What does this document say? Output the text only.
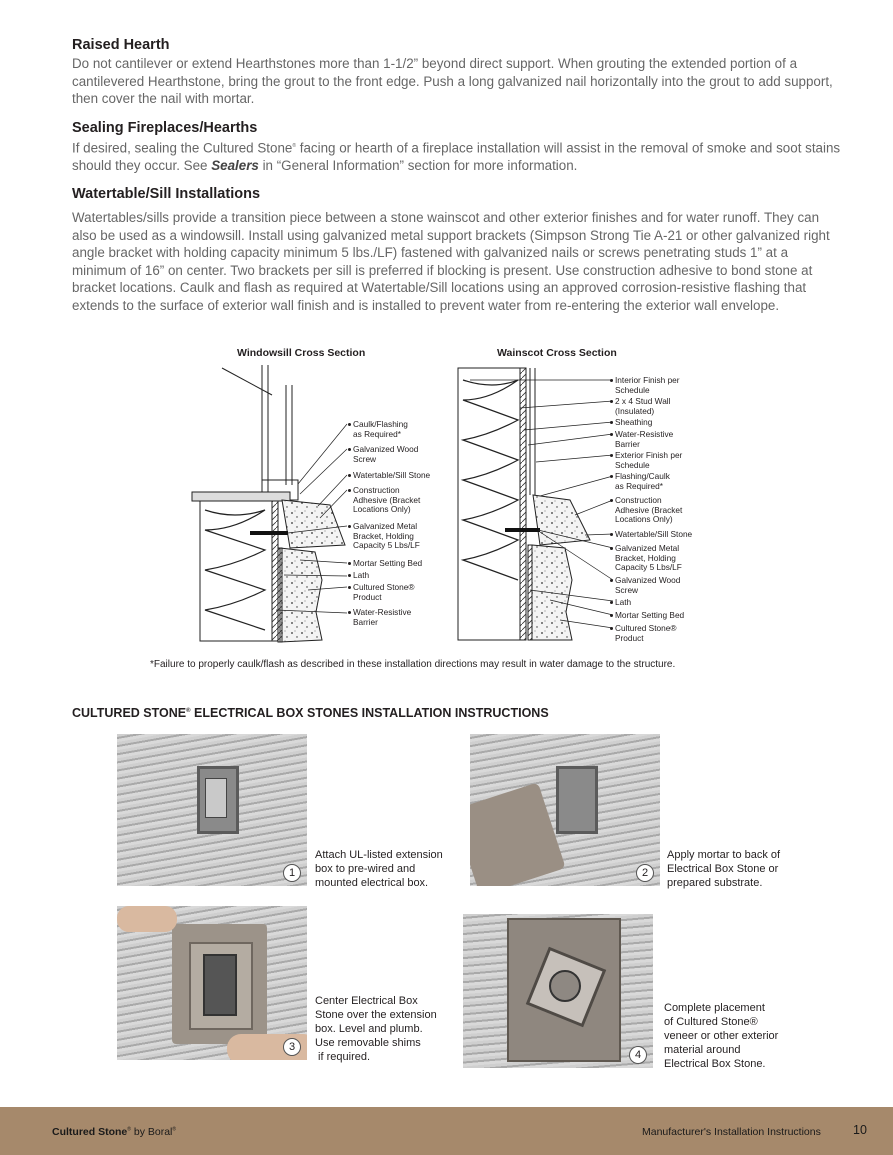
Raised Hearth

Do not cantilever or extend Hearthstones more than 1-1/2” beyond direct support. When grouting the extended portion of a cantilevered Hearthstone, bring the grout to the front edge. Push a long galvanized nail horizontally into the grout to add support, then cover the nail with mortar.

Sealing Fireplaces/Hearths

If desired, sealing the Cultured Stone® facing or hearth of a fireplace installation will assist in the removal of smoke and soot stains should they occur. See Sealers in “General Information” section for more information.

Watertable/Sill Installations

Watertables/sills provide a transition piece between a stone wainscot and other exterior finishes and for water runoff. They can also be used as a windowsill. Install using galvanized metal support brackets (Simpson Strong Tie A-21 or other galvanized right angle bracket with holding capacity minimum 5 lbs./LF) fastened with galvanized nails or screws penetrating studs 1” at a minimum of 16” on center. Two brackets per sill is preferred if blocking is present. Use construction adhesive to bond stone at bracket locations. Caulk and flash as required at Watertable/Sill locations using an approved corrosion-resistive flashing that extends to the surface of exterior wall finish and is installed to prevent water from re-entering the exterior wall envelope.

Windowsill Cross Section	Wainscot Cross Section
Caulk/Flashing
as Required*
Galvanized Wood
Screw
Watertable/Sill Stone
Construction
Adhesive (Bracket
Locations Only)
Galvanized Metal
Bracket, Holding
Capacity 5 Lbs/LF
Mortar Setting Bed
Lath
Cultured Stone®
Product
Water-Resistive
Barrier
Interior Finish per
Schedule
2 x 4 Stud Wall
(Insulated)
Sheathing
Water-Resistive
Barrier
Exterior Finish per
Schedule
Flashing/Caulk
as Required*
Construction
Adhesive (Bracket
Locations Only)
Watertable/Sill Stone
Galvanized Metal
Bracket, Holding
Capacity 5 Lbs/LF
Galvanized Wood
Screw
Lath
Mortar Setting Bed
Cultured Stone®
Product
*Failure to properly caulk/flash as described in these installation directions may result in water damage to the structure.
CULTURED STONE® ELECTRICAL BOX STONES INSTALLATION INSTRUCTIONS
1
Attach UL-listed extension
box to pre-wired and
mounted electrical box.
2
Apply mortar to back of
Electrical Box Stone or
prepared substrate.
3
Center Electrical Box
Stone over the extension
box. Level and plumb.
Use removable shims
if required.	4
Complete placement
of Cultured Stone®
veneer or other exterior
material around
Electrical Box Stone.
Cultured Stone® by Boral®	Manufacturer's Installation Instructions	10
